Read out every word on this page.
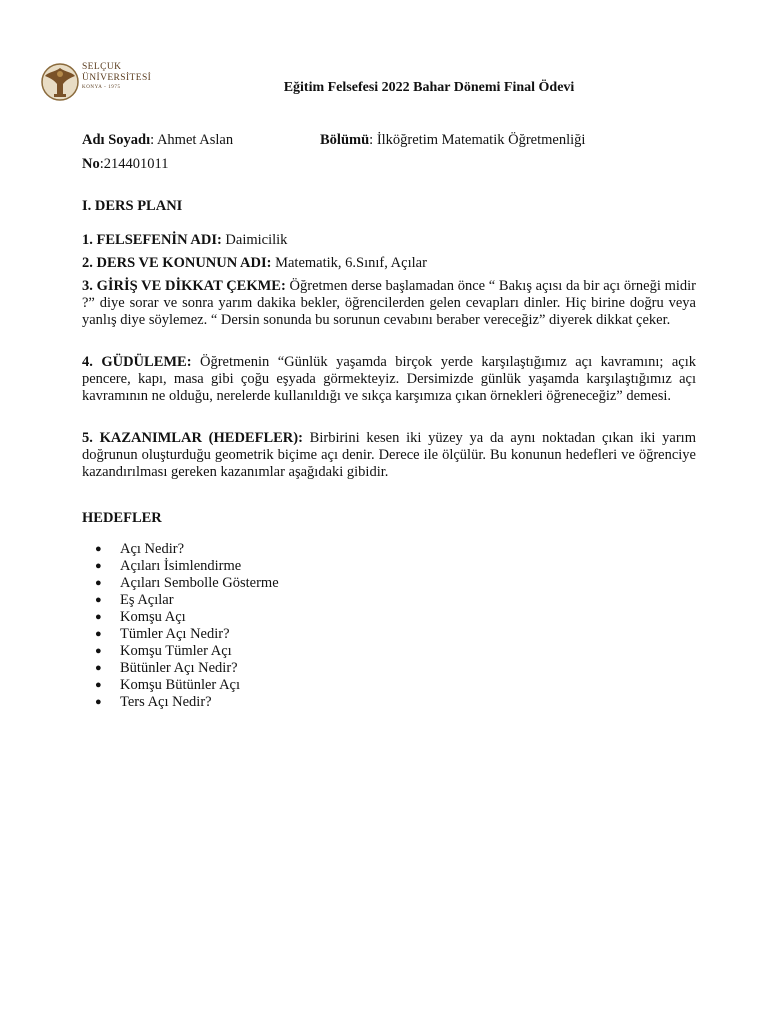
SELÇUK
ÜNİVERSİTESİ
KONYA - 1975	Eğitim Felsefesi 2022 Bahar Dönemi Final Ödevi
Adı Soyadı: Ahmet Aslan	Bölümü: İlköğretim Matematik Öğretmenliği
No:214401011
I. DERS PLANI
1. FELSEFENİN ADI: Daimicilik
2. DERS VE KONUNUN ADI: Matematik, 6.Sınıf, Açılar
3. GİRİŞ VE DİKKAT ÇEKME: Öğretmen derse başlamadan önce “ Bakış açısı da bir açı örneği midir ?” diye sorar ve sonra yarım dakika bekler, öğrencilerden gelen cevapları dinler. Hiç birine doğru veya yanlış diye söylemez. “ Dersin sonunda bu sorunun cevabını beraber vereceğiz” diyerek dikkat çeker.
4. GÜDÜLEME: Öğretmenin “Günlük yaşamda birçok yerde karşılaştığımız açı kavramını; açık pencere, kapı, masa gibi çoğu eşyada görmekteyiz. Dersimizde günlük yaşamda karşılaştığımız açı kavramının ne olduğu, nerelerde kullanıldığı ve sıkça karşımıza çıkan örnekleri öğreneceğiz” demesi.
5. KAZANIMLAR (HEDEFLER): Birbirini kesen iki yüzey ya da aynı noktadan çıkan iki yarım doğrunun oluşturduğu geometrik biçime açı denir. Derece ile ölçülür. Bu konunun hedefleri ve öğrenciye kazandırılması gereken kazanımlar aşağıdaki gibidir.
HEDEFLER
● Açı Nedir?
● Açıları İsimlendirme
● Açıları Sembolle Gösterme
● Eş Açılar
● Komşu Açı
● Tümler Açı Nedir?
● Komşu Tümler Açı
● Bütünler Açı Nedir?
● Komşu Bütünler Açı
● Ters Açı Nedir?
